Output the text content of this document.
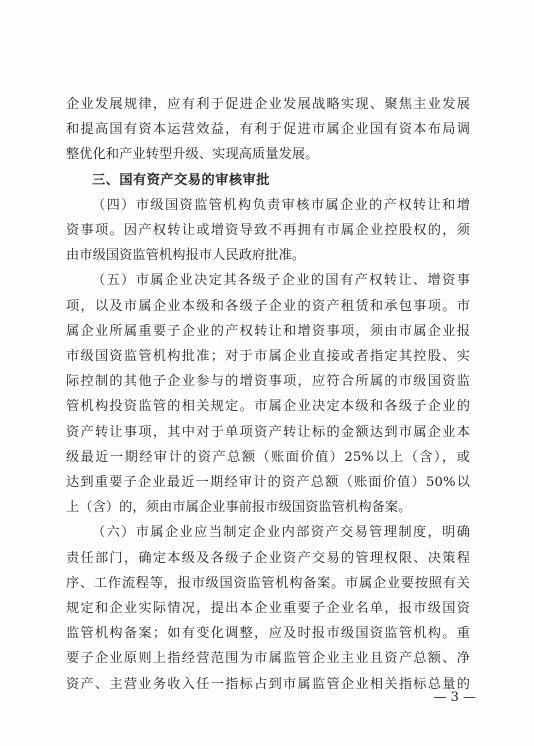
企业发展规律，应有利于促进企业发展战略实现、聚焦主业发展
和提高国有资本运营效益，有利于促进市属企业国有资本布局调
整优化和产业转型升级、实现高质量发展。
三、国有资产交易的审核审批
（四）市级国资监管机构负责审核市属企业的产权转让和增
资事项。因产权转让或增资导致不再拥有市属企业控股权的，须
由市级国资监管机构报市人民政府批准。
（五）市属企业决定其各级子企业的国有产权转让、增资事
项，以及市属企业本级和各级子企业的资产租赁和承包事项。市
属企业所属重要子企业的产权转让和增资事项，须由市属企业报
市级国资监管机构批准；对于市属企业直接或者指定其控股、实
际控制的其他子企业参与的增资事项，应符合所属的市级国资监
管机构投资监管的相关规定。市属企业决定本级和各级子企业的
资产转让事项，其中对于单项资产转让标的金额达到市属企业本
级最近一期经审计的资产总额（账面价值）25%以上（含），或
达到重要子企业最近一期经审计的资产总额（账面价值）50%以
上（含）的，须由市属企业事前报市级国资监管机构备案。
（六）市属企业应当制定企业内部资产交易管理制度，明确
责任部门，确定本级及各级子企业资产交易的管理权限、决策程
序、工作流程等，报市级国资监管机构备案。市属企业要按照有关
规定和企业实际情况，提出本企业重要子企业名单，报市级国资
监管机构备案；如有变化调整，应及时报市级国资监管机构。重
要子企业原则上指经营范围为市属监管企业主业且资产总额、净
资产、主营业务收入任一指标占到市属监管企业相关指标总量的
— 3 —
